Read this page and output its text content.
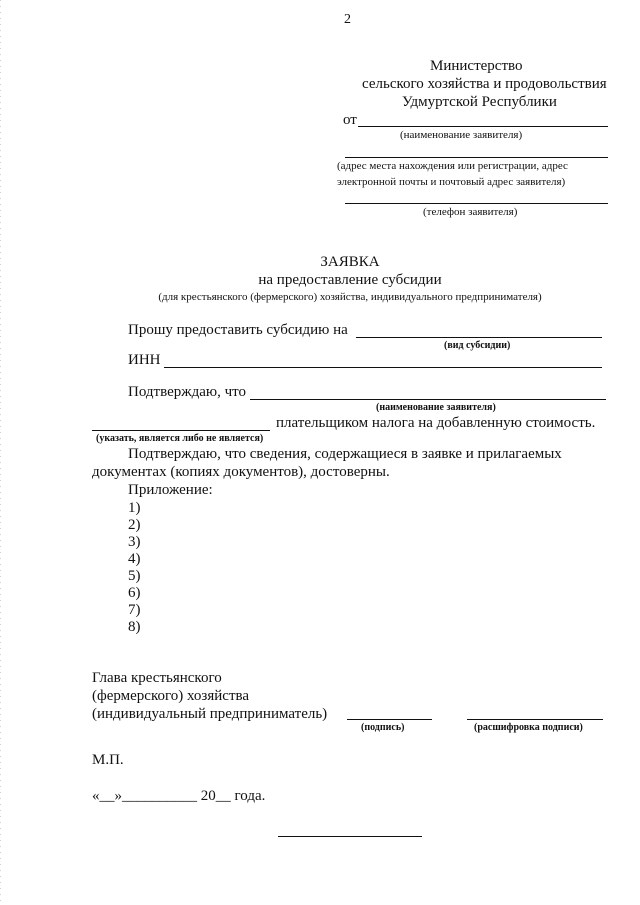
2
Министерство
сельского хозяйства и продовольствия
Удмуртской Республики
от
(наименование заявителя)
(адрес места нахождения или регистрации, адрес
электронной почты и почтовый адрес заявителя)
(телефон заявителя)
ЗАЯВКА
на предоставление субсидии
(для крестьянского (фермерского) хозяйства, индивидуального предпринимателя)
Прошу предоставить субсидию на
(вид субсидии)
ИНН
Подтверждаю, что
(наименование заявителя)
плательщиком налога на добавленную стоимость.
(указать, является либо не является)
Подтверждаю, что сведения, содержащиеся в заявке и прилагаемых
документах (копиях документов), достоверны.
Приложение:
1)
2)
3)
4)
5)
6)
7)
8)
Глава крестьянского
(фермерского) хозяйства
(индивидуальный предприниматель)
(подпись)	(расшифровка подписи)
М.П.
«__»__________ 20__ года.
